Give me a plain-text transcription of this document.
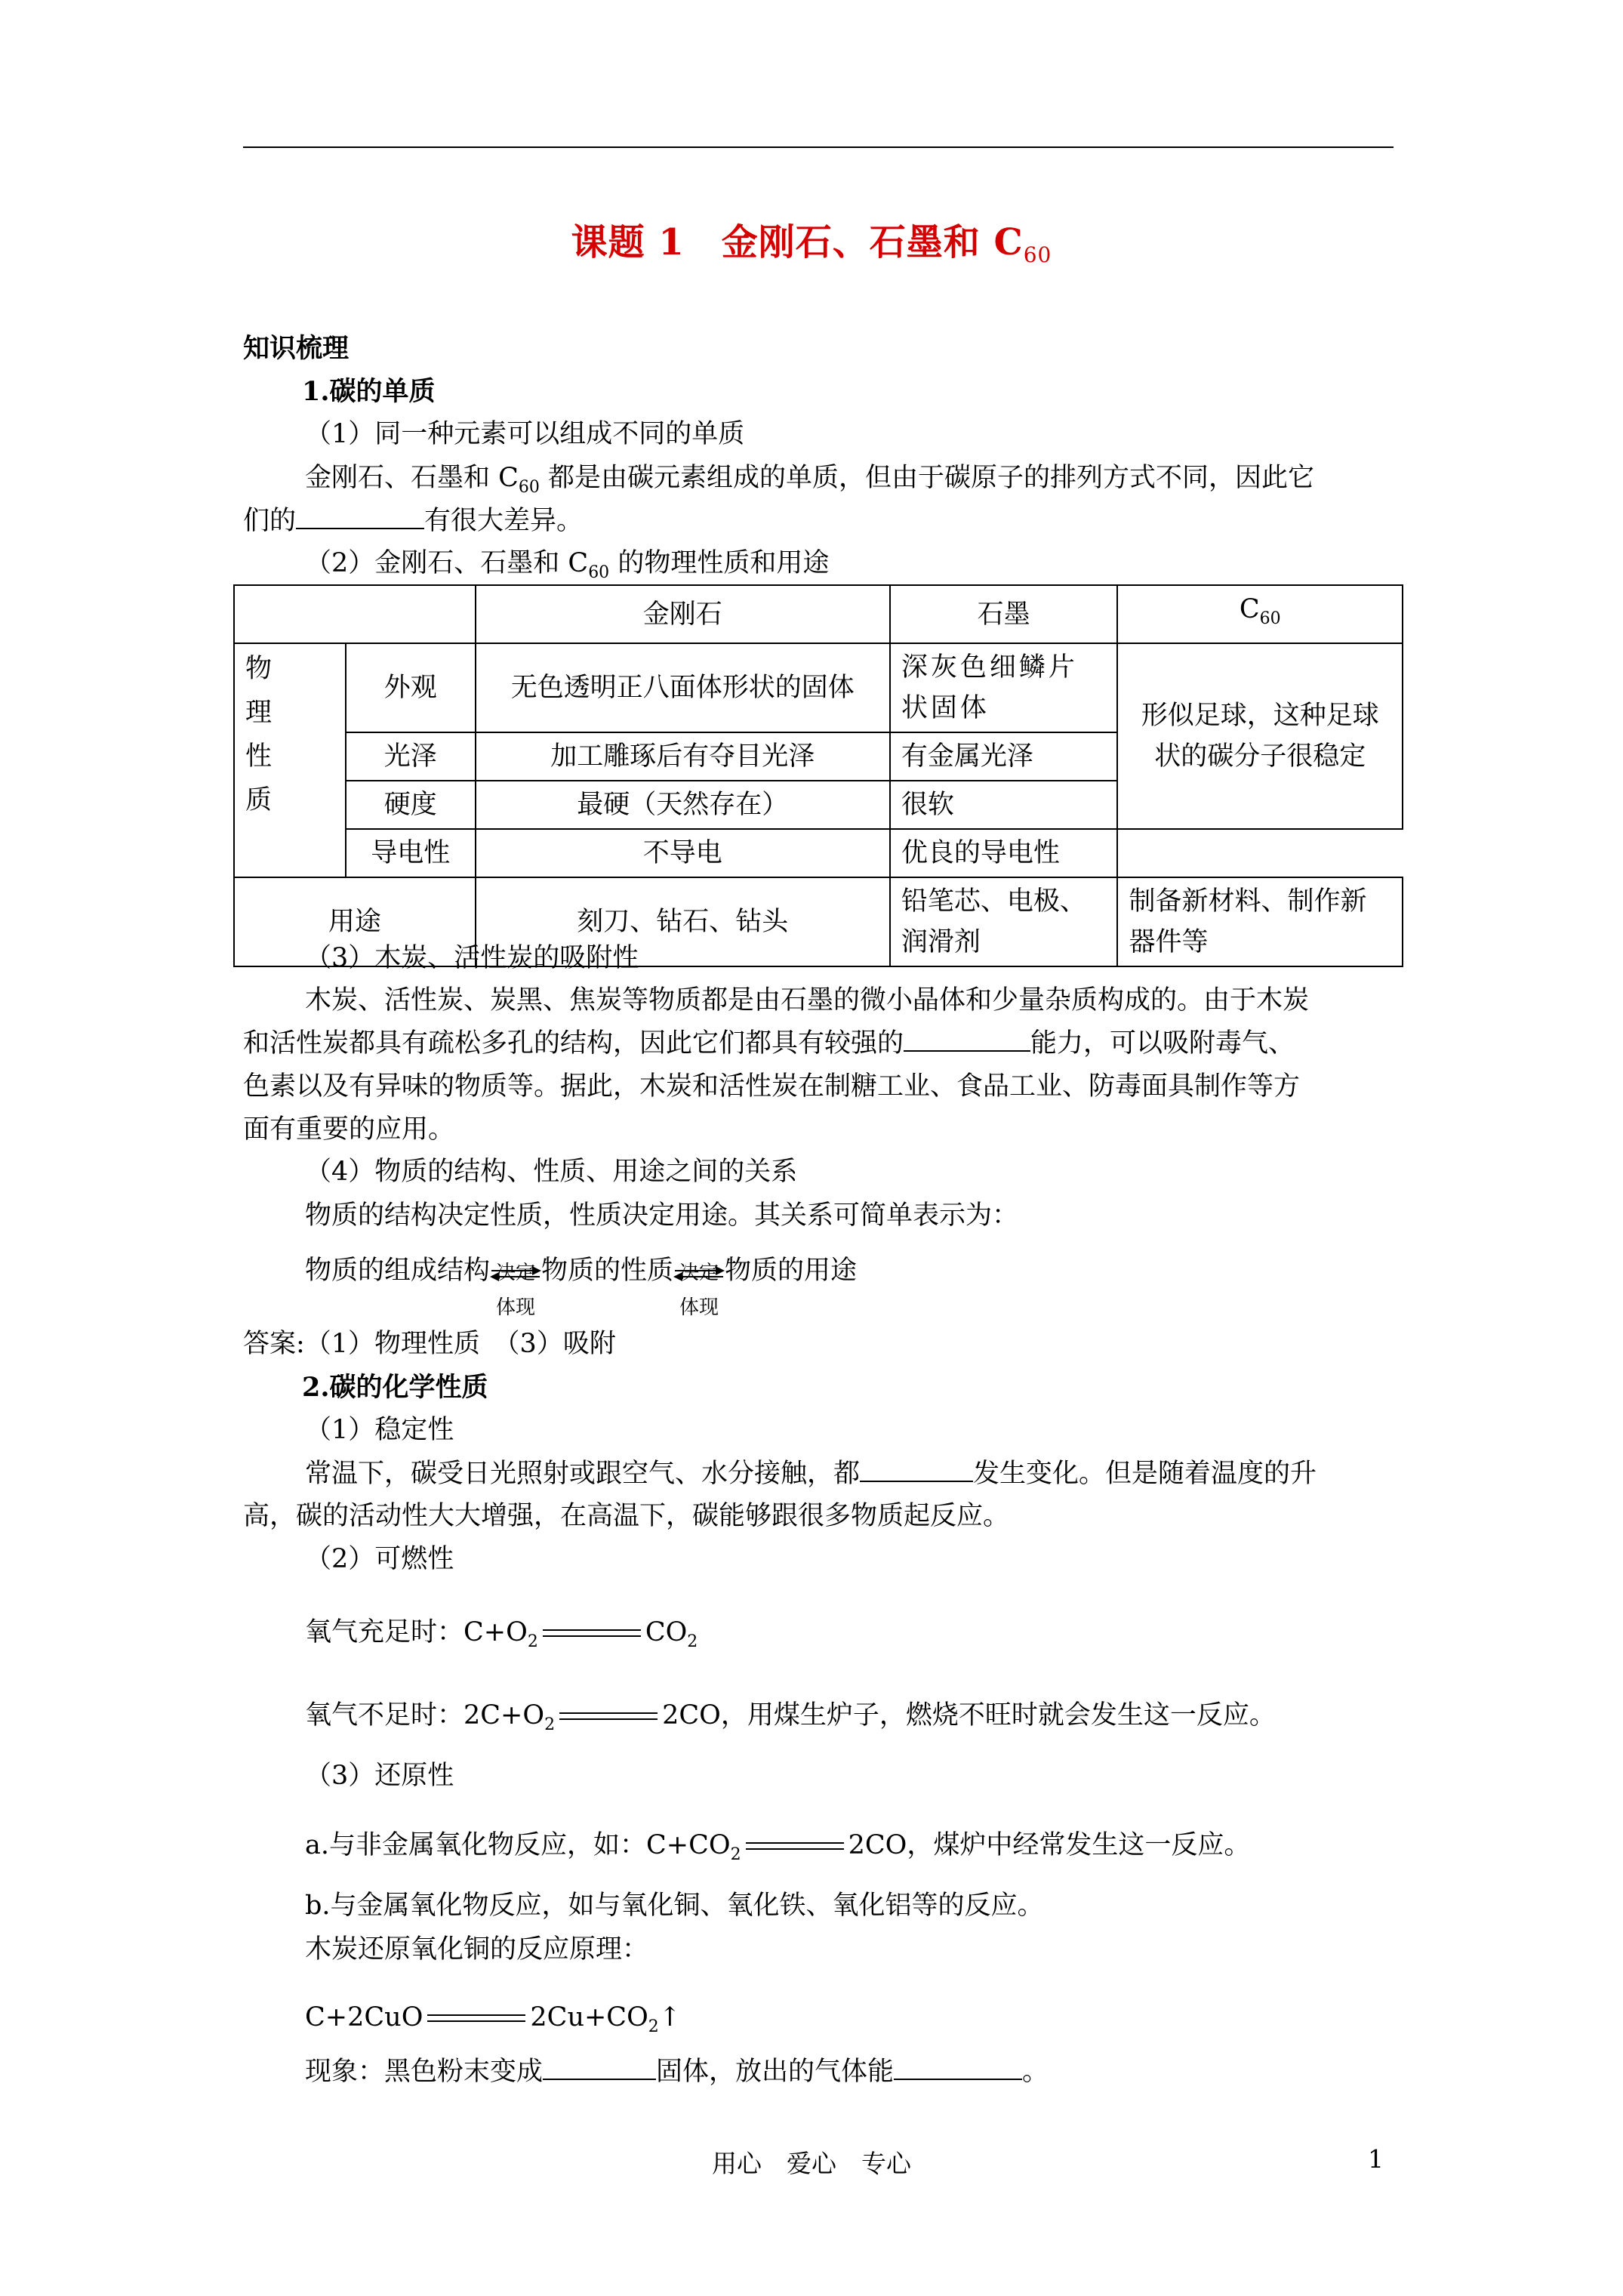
课题 1　金刚石、石墨和 $C_{60}$
知识梳理
1.碳的单质
（1）同一种元素可以组成不同的单质
金刚石、石墨和 $C_{60}$ 都是由碳元素组成的单质，但由于碳原子的排列方式不同，因此它
们的	有很大差异。
（2）金刚石、石墨和 $C_{60}$ 的物理性质和用途
		金刚石	石墨	$C_{60}$
物
理
性
质	外观	无色透明正八面体形状的固体	深灰色细鳞片状固体	形似足球，这种足球状的碳分子很稳定
	光泽	加工雕琢后有夺目光泽	有金属光泽	
	硬度	最硬（天然存在）	很软	
	导电性	不导电	优良的导电性	
用途		刻刀、钻石、钻头	铅笔芯、电极、润滑剂	制备新材料、制作新器件等
（3）木炭、活性炭的吸附性
木炭、活性炭、炭黑、焦炭等物质都是由石墨的微小晶体和少量杂质构成的。由于木炭
和活性炭都具有疏松多孔的结构，因此它们都具有较强的	能力，可以吸附毒气、
色素以及有异味的物质等。据此，木炭和活性炭在制糖工业、食品工业、防毒面具制作等方
面有重要的应用。
（4）物质的结构、性质、用途之间的关系
物质的结构决定性质，性质决定用途。其关系可简单表示为：
物质的组成结构 决定
体现
物质的性质 决定
体现
物质的用途
答案:（1）物理性质　（3）吸附
2.碳的化学性质
（1）稳定性
常温下，碳受日光照射或跟空气、水分接触，都	发生变化。但是随着温度的升
高，碳的活动性大大增强，在高温下，碳能够跟很多物质起反应。
（2）可燃性
氧气充足时：$C+O_2$	$CO_2$
氧气不足时：$2C+O_2$	2CO，用煤生炉子，燃烧不旺时就会发生这一反应。
（3）还原性
a.与非金属氧化物反应，如：$C+CO_2$	2CO，煤炉中经常发生这一反应。
b.与金属氧化物反应，如与氧化铜、氧化铁、氧化铝等的反应。
木炭还原氧化铜的反应原理：
C+2CuO	$2Cu+CO_2↑$
现象：黑色粉末变成	固体，放出的气体能	。
用心　爱心　专心	1
